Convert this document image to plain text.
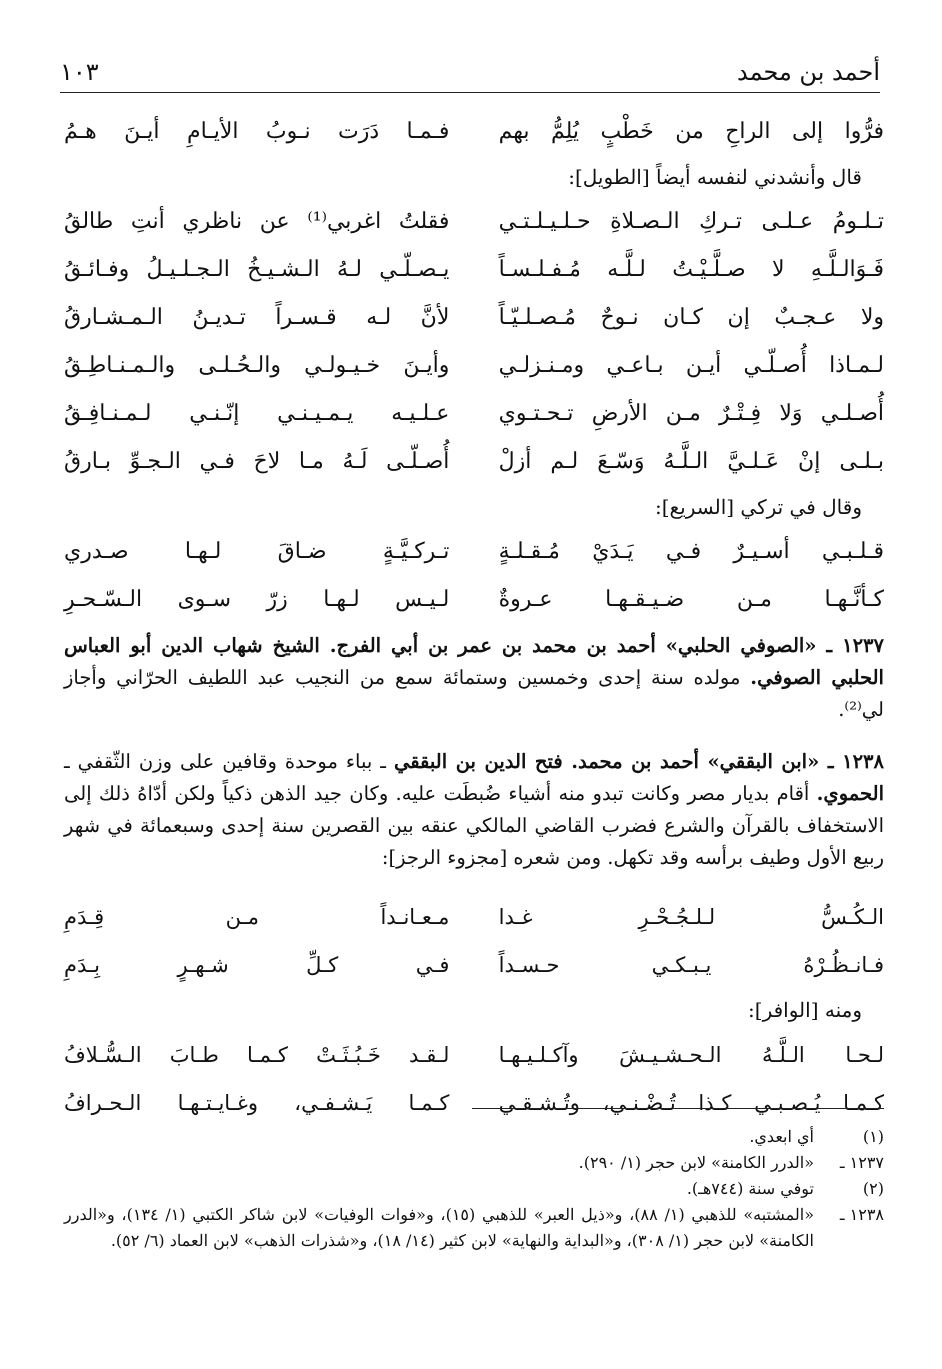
أحمد بن محمد
١٠٣
فرُّوا إلى الراحِ من خَطْبٍ يُلِمُّ بهم
فـمـا دَرَت نـوبُ الأيـامِ أيـنَ هـمُ
قال وأنشدني لنفسه أيضاً [الطويل]:
تـلـومُ عـلـى تـركِ الـصـلاةِ حـلـيـلـتـي
فقلتُ اغربي⁽¹⁾ عن ناظري أنتِ طالقُ
فَـوَالـلَّـهِ لا صـلَّـيْـتُ لـلَّـه مُـفـلـسـاً
يـصـلّـي لـهُ الـشـيـخُ الـجـلـيـلُ وفـائـقُ
ولا عـجـبٌ إن كـان نـوحٌ مُـصـلـيّـاً
لأنَّ لـه قـسـراً تـديـنُ الـمـشـارقُ
لـمـاذا أُصـلّـي أيـن بـاعـي ومـنـزلـي
وأيـنَ خـيـولـي والـحُـلـى والـمـنـاطِـقُ
أُصـلـي وَلا فِـتْـرٌ مـن الأرضِ تـحـتـوي
عـلـيـه يـمـيـنـي إنّـنـي لـمـنـافِـقُ
بـلـى إنْ عَـلـيَّ الـلَّـهُ وَسّـعَ لـم أزلْ
أُصـلّـى لَـهُ مـا لاحَ فـي الـجـوِّ بـارقُ
وقال في تركي [السريع]:
قـلـبـي أسـيـرٌ فـي يَـدَيْ مُـقـلـةٍ
تـركـيَّـةٍ ضـاقَ لـهـا صـدري
كـأنَّـهـا مـن ضـيـقـهـا عـروةٌ
لـيـس لـهـا زرّ سـوى الـسّـحـرِ

١٢٣٧ ـ «الصوفي الحلبي» أحمد بن محمد بن عمر بن أبي الفرج. الشيخ شهاب الدين أبو العباس الحلبي الصوفي. مولده سنة إحدى وخمسين وستمائة سمع من النجيب عبد اللطيف الحرّاني وأجاز لي⁽²⁾.

١٢٣٨ ـ «ابن البققي» أحمد بن محمد. فتح الدين بن البققي ـ بباء موحدة وقافين على وزن الثّقفي ـ الحموي. أقام بديار مصر وكانت تبدو منه أشياء ضُبطَت عليه. وكان جيد الذهن ذكياً ولكن أدّاهُ ذلك إلى الاستخفاف بالقرآن والشرع فضرب القاضي المالكي عنقه بين القصرين سنة إحدى وسبعمائة في شهر ربيع الأول وطيف برأسه وقد تكهل. ومن شعره [مجزوء الرجز]:

الـكُـسُّ لـلـجُـحْـرِ غـدا
مـعـانـداً مـن قِـدَمِ
فـانـظُـرْهُ يـبـكـي حـسـداً
فـي كـلِّ شـهـرٍ بِـدَمِ
ومنه [الوافر]:
لـحـا الـلَّـهُ الـحـشـيـشَ وآكـلـيـهـا
لـقـد خَـبُـثَـتْ كـمـا طـابَ الـسُّـلافُ
كـمـا يُـصـبـي كـذا تُـضْـنـي، وتُـشـقـي
كـمـا يَـشـفـي، وغـايـتـهـا الـحـرافُ
(١)
أي ابعدي.
١٢٣٧ ـ
«الدرر الكامنة» لابن حجر (١/ ٢٩٠).
(٢)
توفي سنة (٧٤٤هـ).
١٢٣٨ ـ
«المشتبه» للذهبي (١/ ٨٨)، و«ذيل العبر» للذهبي (١٥)، و«فوات الوفيات» لابن شاكر الكتبي (١/ ١٣٤)، و«الدرر الكامنة» لابن حجر (١/ ٣٠٨)، و«البداية والنهاية» لابن كثير (١٤/ ١٨)، و«شذرات الذهب» لابن العماد (٦/ ٥٢).
